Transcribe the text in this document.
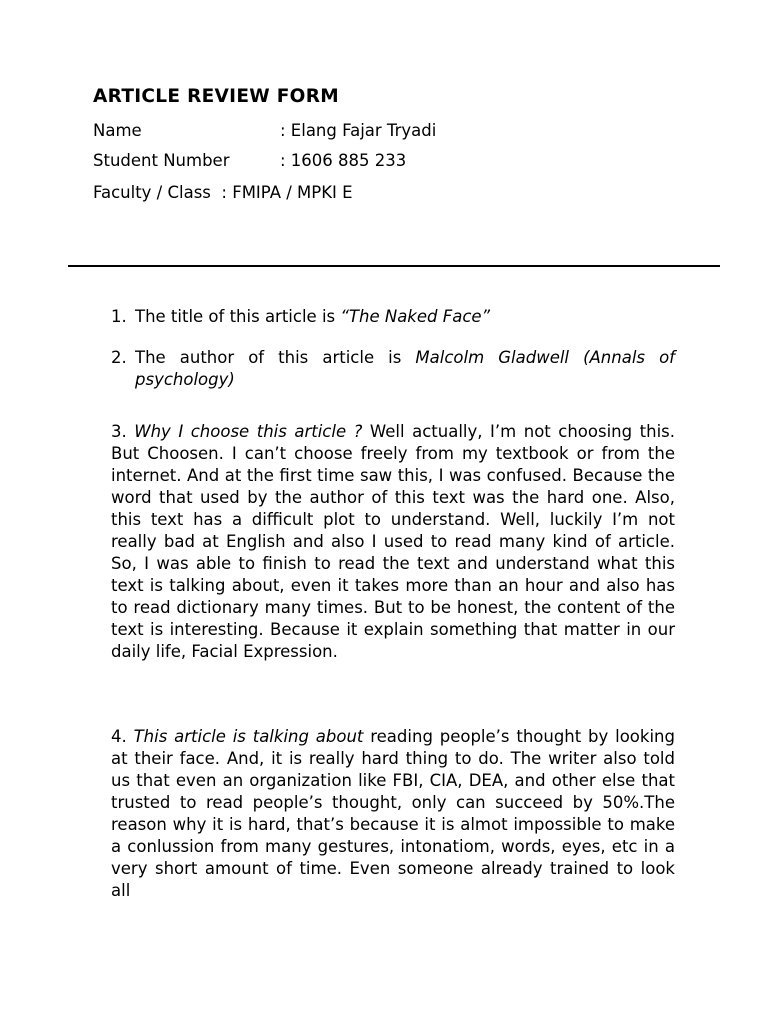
ARTICLE REVIEW FORM
Name	: Elang Fajar Tryadi
Student Number	: 1606 885 233
Faculty / Class : FMIPA / MPKI E
1. The title of this article is “The Naked Face”
2. The author of this article is Malcolm Gladwell (Annals of psychology)

3. Why I choose this article ? Well actually, I’m not choosing this. But Choosen. I can’t choose freely from my textbook or from the internet. And at the first time saw this, I was confused. Because the word that used by the author of this text was the hard one. Also, this text has a difficult plot to understand. Well, luckily I’m not really bad at English and also I used to read many kind of article. So, I was able to finish to read the text and understand what this text is talking about, even it takes more than an hour and also has to read dictionary many times. But to be honest, the content of the text is interesting. Because it explain something that matter in our daily life, Facial Expression.

4. This article is talking about reading people’s thought by looking at their face. And, it is really hard thing to do. The writer also told us that even an organization like FBI, CIA, DEA, and other else that trusted to read people’s thought, only can succeed by 50%.The reason why it is hard, that’s because it is almot impossible to make a conlussion from many gestures, intonatiom, words, eyes, etc in a very short amount of time. Even someone already trained to look all
